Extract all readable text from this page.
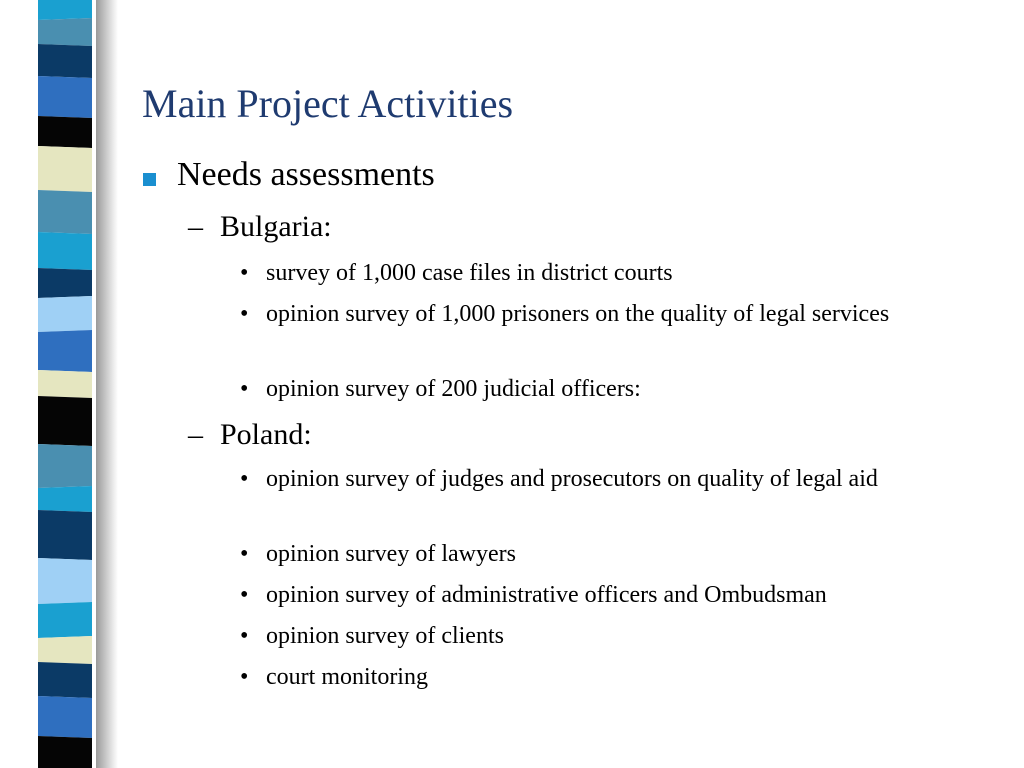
Main Project Activities
Needs assessments
– Bulgaria:
• survey of 1,000 case files in district courts
• opinion survey of 1,000 prisoners on the quality of legal services
• opinion survey of 200 judicial officers:
– Poland:
• opinion survey of judges and prosecutors on quality of legal aid
• opinion survey of lawyers
• opinion survey of administrative officers and Ombudsman
• opinion survey of clients
• court monitoring
